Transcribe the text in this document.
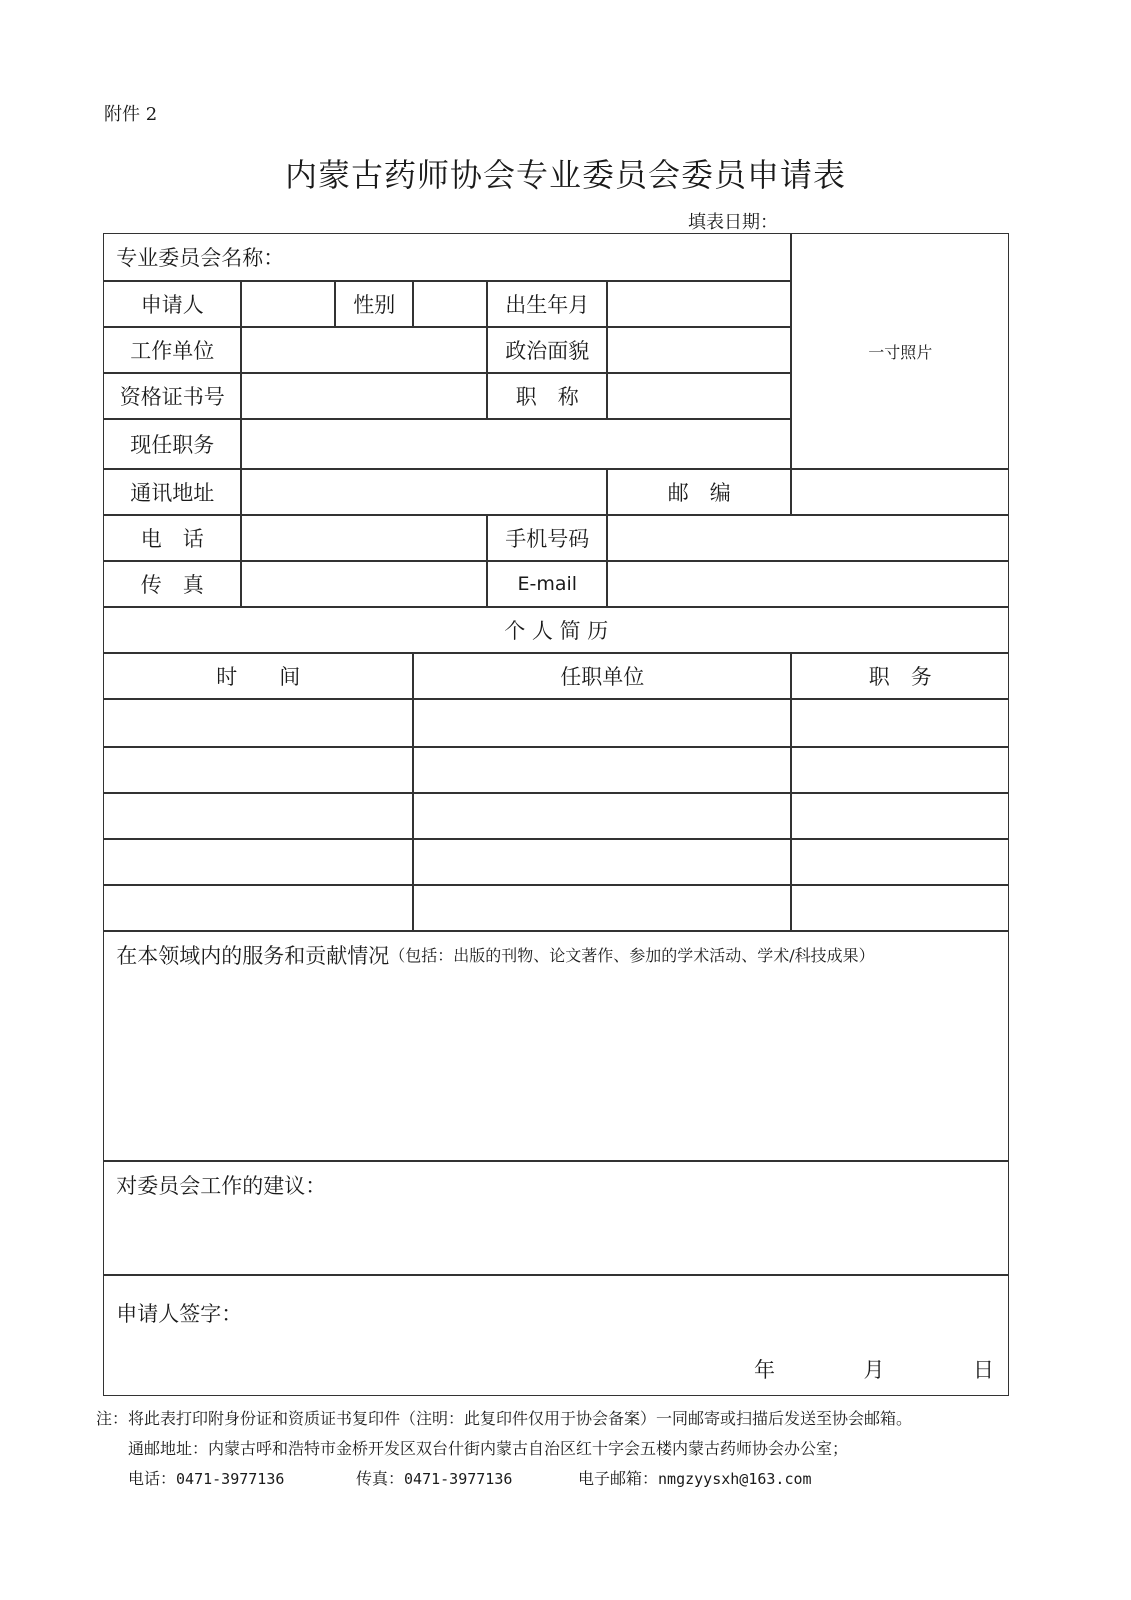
附件 2
内蒙古药师协会专业委员会委员申请表
填表日期：
专业委员会名称：
一寸照片
申请人	性别	出生年月
工作单位	政治面貌
资格证书号	职　称
现任职务
通讯地址	邮　编
电　话	手机号码
传　真	E-mail
个 人 简 历
时　　间	任职单位	职　务
在本领域内的服务和贡献情况 （包括：出版的刊物、论文著作、参加的学术活动、学术/科技成果）
对委员会工作的建议：
申请人签字：
年	月	日
注：将此表打印附身份证和资质证书复印件（注明：此复印件仅用于协会备案）一同邮寄或扫描后发送至协会邮箱。
通邮地址：内蒙古呼和浩特市金桥开发区双台什街内蒙古自治区红十字会五楼内蒙古药师协会办公室；
电话：0471-3977136	传真：0471-3977136	电子邮箱：nmgzyysxh@163.com
